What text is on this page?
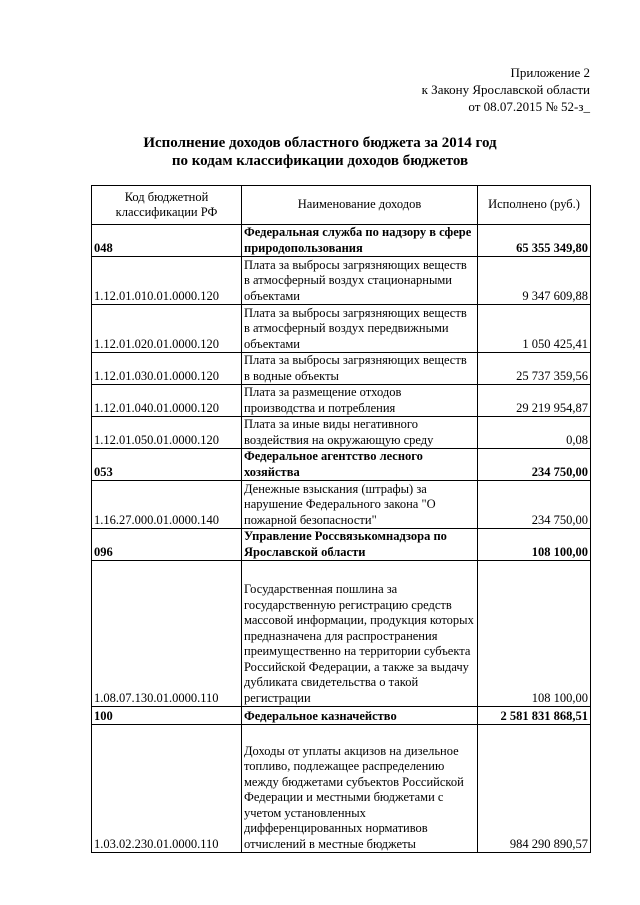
Приложение 2
к Закону Ярославской области
от 08.07.2015 № 52-з_
Исполнение доходов областного бюджета за 2014 год
по кодам классификации доходов бюджетов
Код бюджетной классификации РФ	Наименование доходов	Исполнено (руб.)
048	Федеральная служба по надзору в сфере природопользования	65 355 349,80
1.12.01.010.01.0000.120	Плата за выбросы загрязняющих веществ в атмосферный воздух стационарными объектами	9 347 609,88
1.12.01.020.01.0000.120	Плата за выбросы загрязняющих веществ в атмосферный воздух передвижными объектами	1 050 425,41
1.12.01.030.01.0000.120	Плата за выбросы загрязняющих веществ в водные объекты	25 737 359,56
1.12.01.040.01.0000.120	Плата за размещение отходов производства и потребления	29 219 954,87
1.12.01.050.01.0000.120	Плата за иные виды негативного воздействия на окружающую среду	0,08
053	Федеральное агентство лесного хозяйства	234 750,00
1.16.27.000.01.0000.140	Денежные взыскания (штрафы) за нарушение Федерального закона "О пожарной безопасности"	234 750,00
096	Управление Россвязькомнадзора по Ярославской области	108 100,00
1.08.07.130.01.0000.110	Государственная пошлина за государственную регистрацию средств массовой информации, продукция которых предназначена для распространения преимущественно на территории субъекта Российской Федерации, а также за выдачу дубликата свидетельства о такой регистрации	108 100,00
100	Федеральное казначейство	2 581 831 868,51
1.03.02.230.01.0000.110	Доходы от уплаты акцизов на дизельное топливо, подлежащее распределению между бюджетами субъектов Российской Федерации и местными бюджетами с учетом установленных дифференцированных нормативов отчислений в местные бюджеты	984 290 890,57
